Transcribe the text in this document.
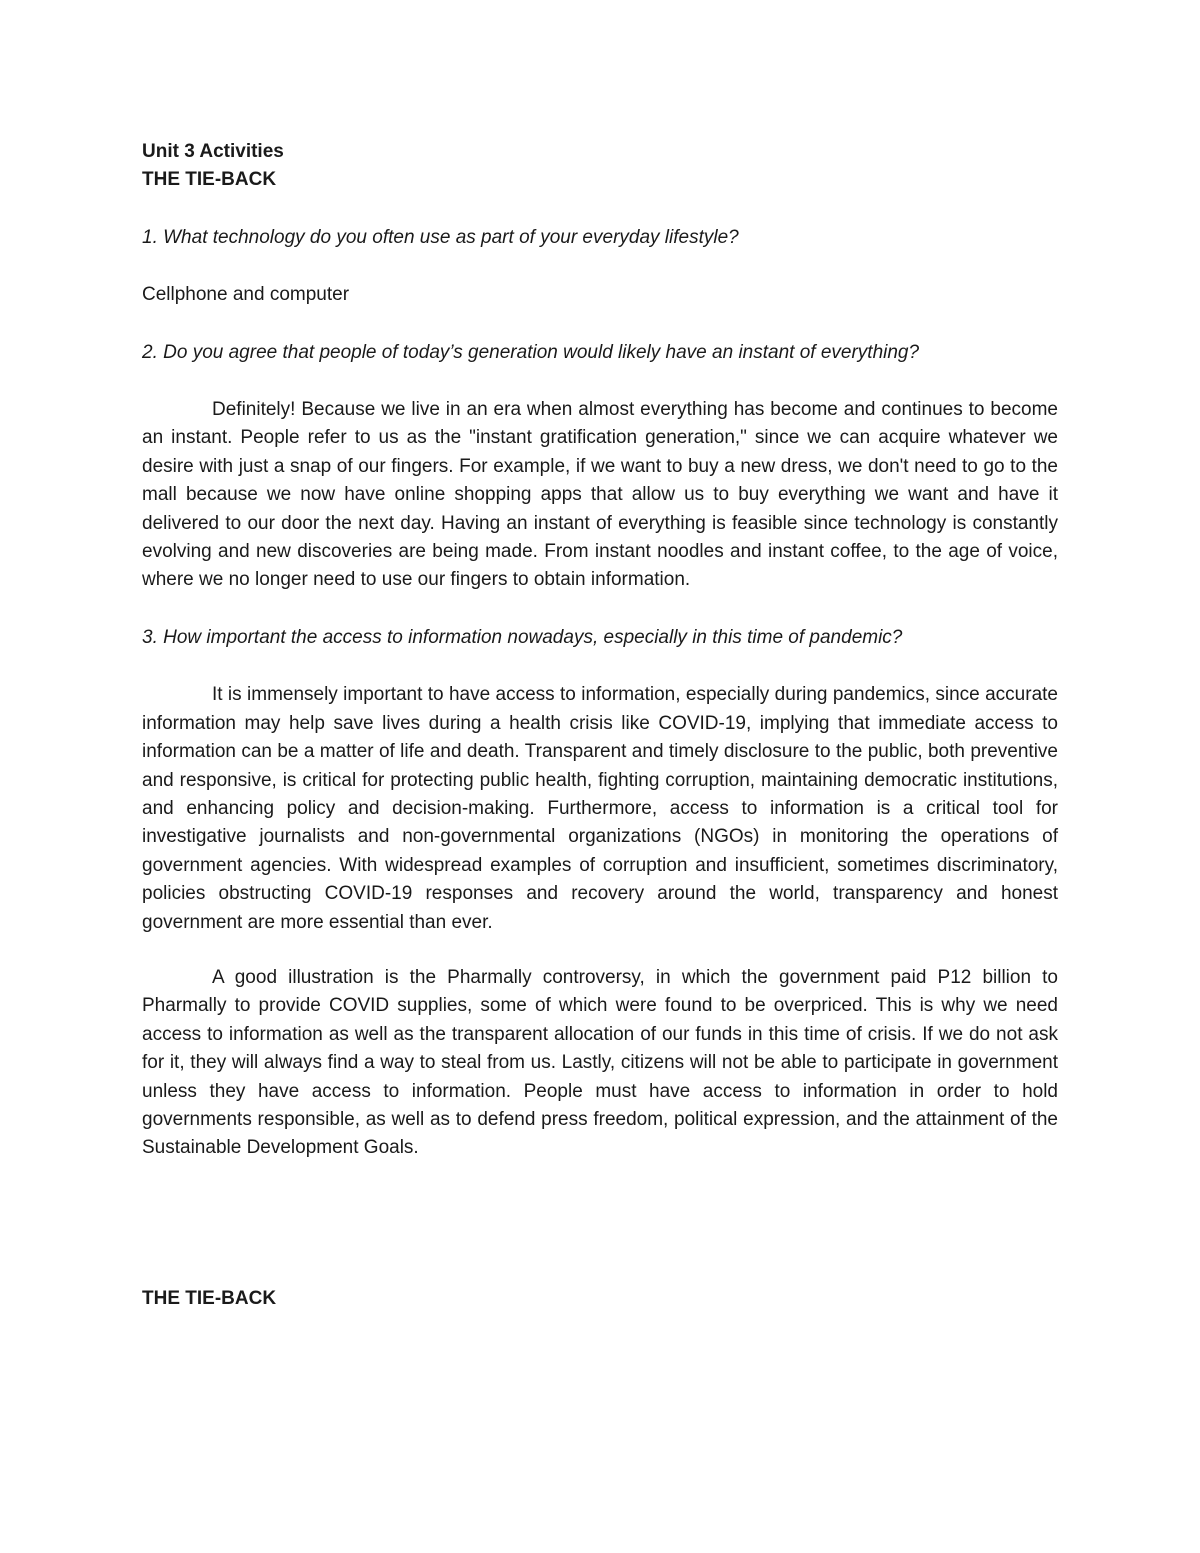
Unit 3 Activities

THE TIE-BACK

1. What technology do you often use as part of your everyday lifestyle?

Cellphone and computer

2. Do you agree that people of today’s generation would likely have an instant of everything?

Definitely! Because we live in an era when almost everything has become and continues to become an instant. People refer to us as the "instant gratification generation," since we can acquire whatever we desire with just a snap of our fingers. For example, if we want to buy a new dress, we don't need to go to the mall because we now have online shopping apps that allow us to buy everything we want and have it delivered to our door the next day. Having an instant of everything is feasible since technology is constantly evolving and new discoveries are being made. From instant noodles and instant coffee, to the age of voice, where we no longer need to use our fingers to obtain information.

3. How important the access to information nowadays, especially in this time of pandemic?

It is immensely important to have access to information, especially during pandemics, since accurate information may help save lives during a health crisis like COVID-19, implying that immediate access to information can be a matter of life and death. Transparent and timely disclosure to the public, both preventive and responsive, is critical for protecting public health, fighting corruption, maintaining democratic institutions, and enhancing policy and decision-making. Furthermore, access to information is a critical tool for investigative journalists and non-governmental organizations (NGOs) in monitoring the operations of government agencies. With widespread examples of corruption and insufficient, sometimes discriminatory, policies obstructing COVID-19 responses and recovery around the world, transparency and honest government are more essential than ever.

A good illustration is the Pharmally controversy, in which the government paid P12 billion to Pharmally to provide COVID supplies, some of which were found to be overpriced. This is why we need access to information as well as the transparent allocation of our funds in this time of crisis. If we do not ask for it, they will always find a way to steal from us. Lastly, citizens will not be able to participate in government unless they have access to information. People must have access to information in order to hold governments responsible, as well as to defend press freedom, political expression, and the attainment of the Sustainable Development Goals.

THE TIE-BACK
